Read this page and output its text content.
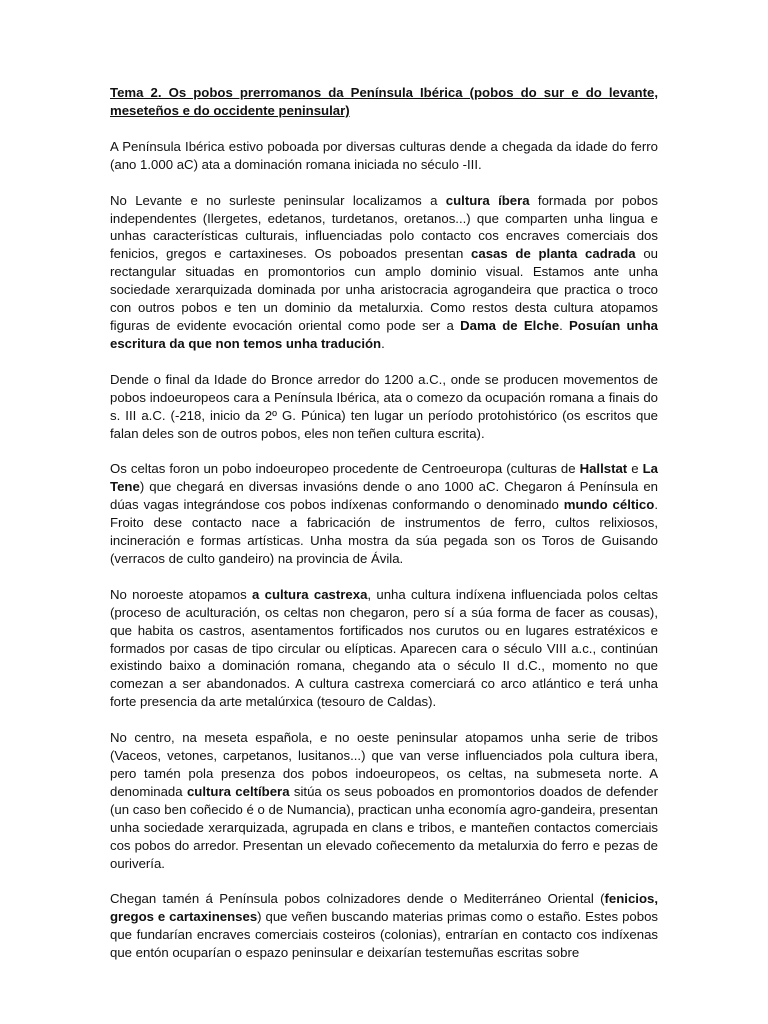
Tema 2. Os pobos prerromanos da Península Ibérica (pobos do sur e do levante, meseteños e do occidente peninsular)

A Península Ibérica estivo poboada por diversas culturas dende a chegada da idade do ferro (ano 1.000 aC) ata a dominación romana iniciada no século -III.

No Levante e no surleste peninsular localizamos a cultura íbera formada por pobos independentes (Ilergetes, edetanos, turdetanos, oretanos...) que comparten unha lingua e unhas características culturais, influenciadas polo contacto cos encraves comerciais dos fenicios, gregos e cartaxineses. Os poboados presentan casas de planta cadrada ou rectangular situadas en promontorios cun amplo dominio visual. Estamos ante unha sociedade xerarquizada dominada por unha aristocracia agrogandeira que practica o troco con outros pobos e ten un dominio da metalurxia. Como restos desta cultura atopamos figuras de evidente evocación oriental como pode ser a Dama de Elche. Posuían unha escritura da que non temos unha tradución.

Dende o final da Idade do Bronce arredor do 1200 a.C., onde se producen movementos de pobos indoeuropeos cara a Península Ibérica, ata o comezo da ocupación romana a finais do s. III a.C. (-218, inicio da 2º G. Púnica) ten lugar un período protohistórico (os escritos que falan deles son de outros pobos, eles non teñen cultura escrita).

Os celtas foron un pobo indoeuropeo procedente de Centroeuropa (culturas de Hallstat e La Tene) que chegará en diversas invasións dende o ano 1000 aC. Chegaron á Península en dúas vagas integrándose cos pobos indíxenas conformando o denominado mundo céltico. Froito dese contacto nace a fabricación de instrumentos de ferro, cultos relixiosos, incineración e formas artísticas. Unha mostra da súa pegada son os Toros de Guisando (verracos de culto gandeiro) na provincia de Ávila.

No noroeste atopamos a cultura castrexa, unha cultura indíxena influenciada polos celtas (proceso de aculturación, os celtas non chegaron, pero sí a súa forma de facer as cousas), que habita os castros, asentamentos fortificados nos curutos ou en lugares estratéxicos e formados por casas de tipo circular ou elípticas. Aparecen cara o século VIII a.c., continúan existindo baixo a dominación romana, chegando ata o século II d.C., momento no que comezan a ser abandonados. A cultura castrexa comerciará co arco atlántico e terá unha forte presencia da arte metalúrxica (tesouro de Caldas).

No centro, na meseta española, e no oeste peninsular atopamos unha serie de tribos (Vaceos, vetones, carpetanos, lusitanos...) que van verse influenciados pola cultura ibera, pero tamén pola presenza dos pobos indoeuropeos, os celtas, na submeseta norte. A denominada cultura celtíbera sitúa os seus poboados en promontorios doados de defender (un caso ben coñecido é o de Numancia), practican unha economía agro-gandeira, presentan unha sociedade xerarquizada, agrupada en clans e tribos, e manteñen contactos comerciais cos pobos do arredor. Presentan un elevado coñecemento da metalurxia do ferro e pezas de ourivería.

Chegan tamén á Península pobos colnizadores dende o Mediterráneo Oriental (fenicios, gregos e cartaxinenses) que veñen buscando materias primas como o estaño. Estes pobos que fundarían encraves comerciais costeiros (colonias), entrarían en contacto cos indíxenas que entón ocuparían o espazo peninsular e deixarían testemuñas escritas sobre
